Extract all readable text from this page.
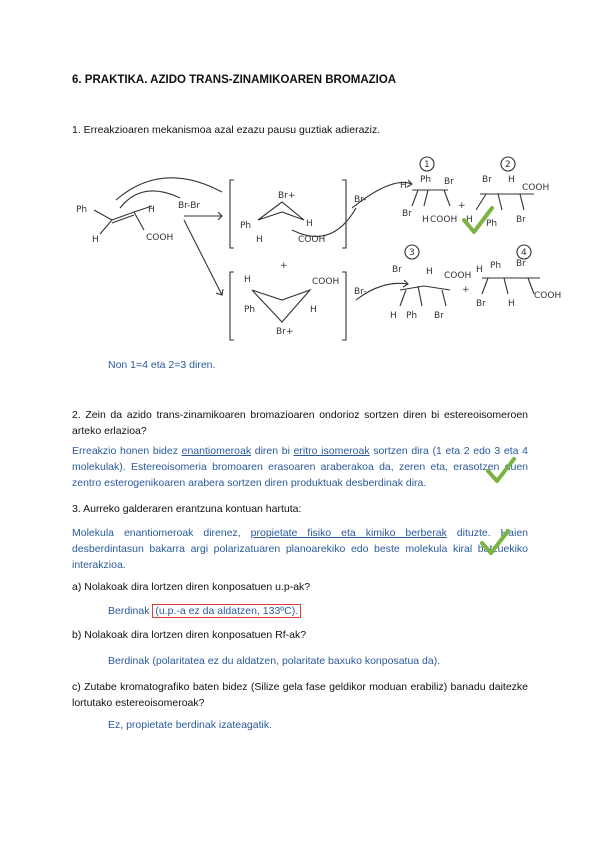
6. PRAKTIKA. AZIDO TRANS-ZINAMIKOAREN BROMAZIOA
1. Erreakzioaren mekanismoa azal ezazu pausu guztiak adieraziz.
Ph
H
H
COOH
Br-Br
Ph
Br+
H
H
COOH
Br-
+
Br+
COOH
H
Ph	H
Br-
1	2
3	4
H
Ph Br
Br
H COOH
+
Br H
COOH
H Ph Br
Br	H COOH
H Ph Br
+
H Ph Br
Br H
COOH
Non 1=4 eta 2=3 diren.
2. Zein da azido trans-zinamikoaren bromazioaren ondorioz sortzen diren bi estereoisomeroen arteko erlazioa?
Erreakzio honen bidez enantiomeroak diren bi eritro isomeroak sortzen dira (1 eta 2 edo 3 eta 4 molekulak). Estereoisomeria bromoaren erasoaren araberakoa da, zeren eta, erasotzen duen zentro esterogenikoaren arabera sortzen diren produktuak desberdinak dira.
3. Aurreko galderaren erantzuna kontuan hartuta:
Molekula enantiomeroak direnez, propietate fisiko eta kimiko berberak dituzte. Haien desberdintasun bakarra argi polarizatuaren planoarekiko edo beste molekula kiral batzuekiko interakzioa.
a) Nolakoak dira lortzen diren konposatuen u.p-ak?
Berdinak (u.p.-a ez da aldatzen, 133ºC).
b) Nolakoak dira lortzen diren konposatuen Rf-ak?
Berdinak (polaritatea ez du aldatzen, polaritate baxuko konposatua da).
c) Zutabe kromatografiko baten bidez (Silize gela fase geldikor moduan erabiliz) banadu daitezke lortutako estereoisomeroak?
Ez, propietate berdinak izateagatik.
